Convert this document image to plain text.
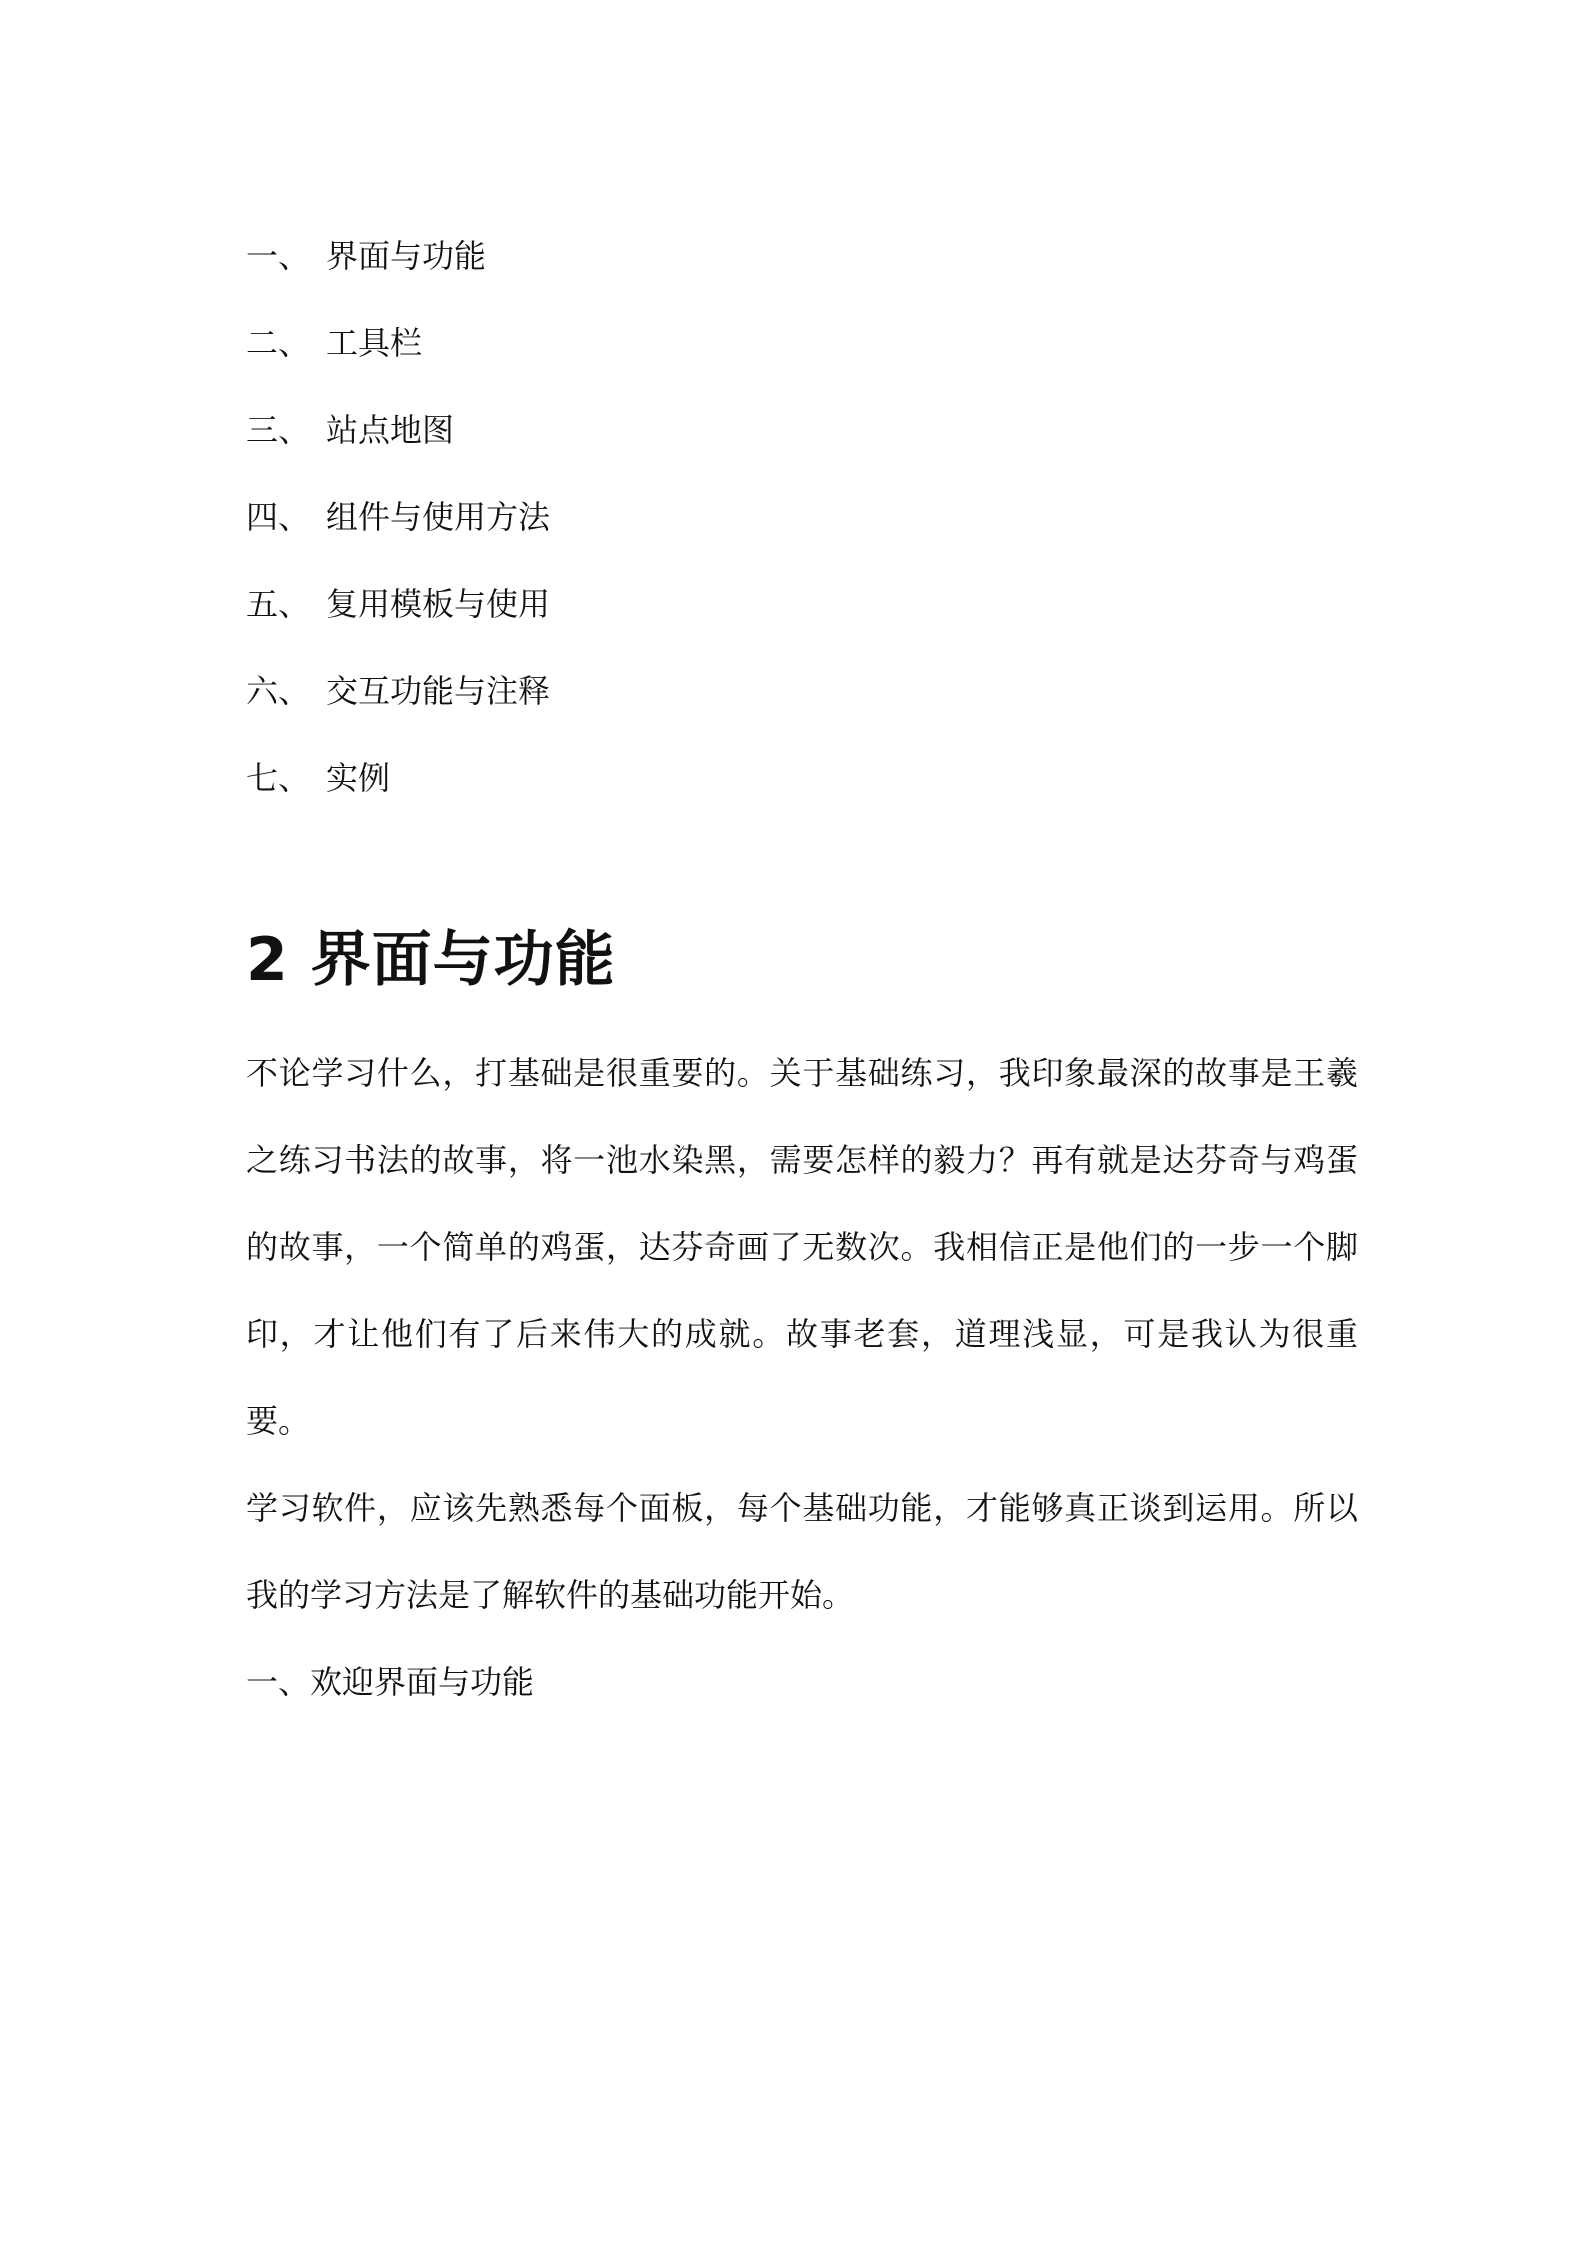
一、 界面与功能
二、 工具栏
三、 站点地图
四、 组件与使用方法
五、 复用模板与使用
六、 交互功能与注释
七、 实例
2 界面与功能

不论学习什么，打基础是很重要的。关于基础练习，我印象最深的故事是王羲之练习书法的故事，将一池水染黑，需要怎样的毅力？再有就是达芬奇与鸡蛋的故事，一个简单的鸡蛋，达芬奇画了无数次。我相信正是他们的一步一个脚印，才让他们有了后来伟大的成就。故事老套，道理浅显，可是我认为很重要。

学习软件，应该先熟悉每个面板，每个基础功能，才能够真正谈到运用。所以我的学习方法是了解软件的基础功能开始。

一、欢迎界面与功能
